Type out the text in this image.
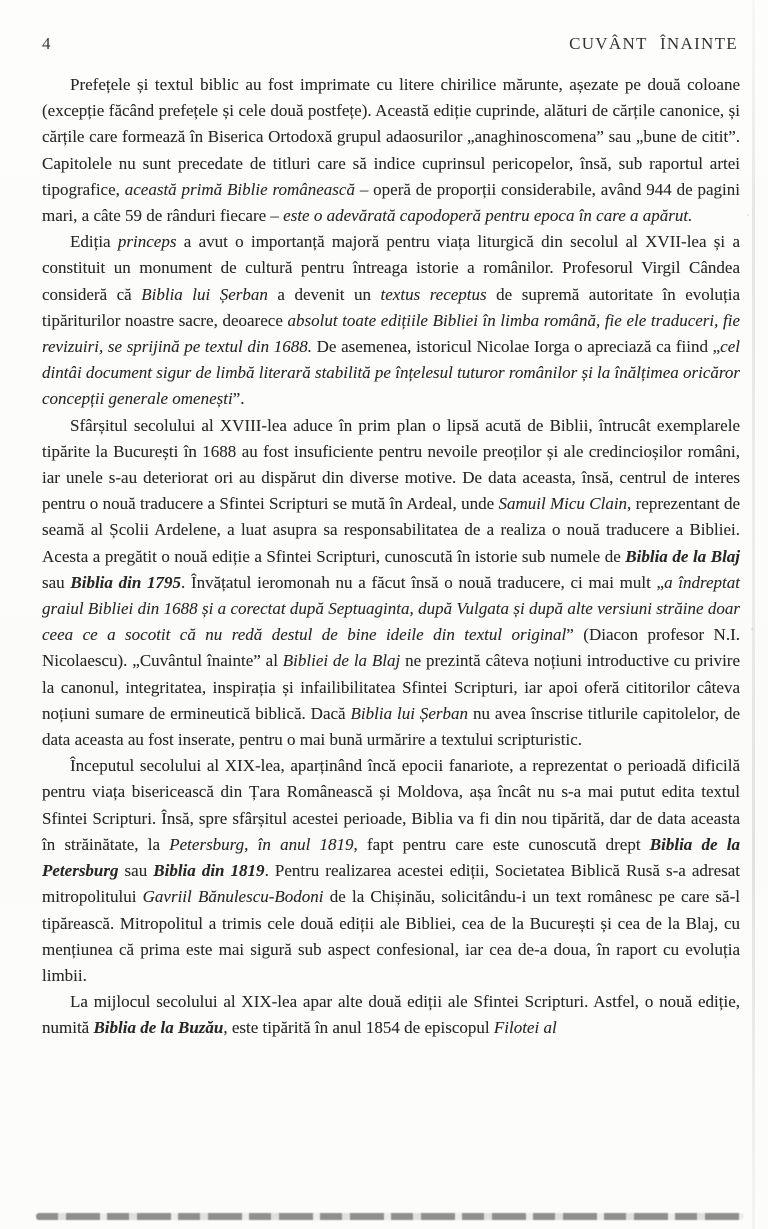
4	CUVÂNT ÎNAINTE

Prefețele și textul biblic au fost imprimate cu litere chirilice mărunte, așezate pe două coloane (excepție făcând prefețele și cele două postfețe). Această ediție cuprinde, alături de cărțile canonice, și cărțile care formează în Biserica Ortodoxă grupul adaosurilor „anaghinoscomena” sau „bune de citit”. Capitolele nu sunt precedate de titluri care să indice cuprinsul pericopelor, însă, sub raportul artei tipografice, această primă Biblie românească – operă de proporții considerabile, având 944 de pagini mari, a câte 59 de rânduri fiecare – este o adevărată capodoperă pentru epoca în care a apărut.

Ediția princeps a avut o importanță majoră pentru viața liturgică din secolul al XVII-lea și a constituit un monument de cultură pentru întreaga istorie a românilor. Profesorul Virgil Cândea consideră că Biblia lui Șerban a devenit un textus receptus de supremă autoritate în evoluția tipăriturilor noastre sacre, deoarece absolut toate edițiile Bibliei în limba română, fie ele traduceri, fie revizuiri, se sprijină pe textul din 1688. De asemenea, istoricul Nicolae Iorga o apreciază ca fiind „cel dintâi document sigur de limbă literară stabilită pe înțelesul tuturor românilor și la înălțimea oricăror concepții generale omenești”.

Sfârșitul secolului al XVIII-lea aduce în prim plan o lipsă acută de Biblii, întrucât exemplarele tipărite la București în 1688 au fost insuficiente pentru nevoile preoților și ale credincioșilor români, iar unele s-au deteriorat ori au dispărut din diverse motive. De data aceasta, însă, centrul de interes pentru o nouă traducere a Sfintei Scripturi se mută în Ardeal, unde Samuil Micu Clain, reprezentant de seamă al Școlii Ardelene, a luat asupra sa responsabilitatea de a realiza o nouă traducere a Bibliei. Acesta a pregătit o nouă ediție a Sfintei Scripturi, cunoscută în istorie sub numele de Biblia de la Blaj sau Biblia din 1795. Învățatul ieromonah nu a făcut însă o nouă traducere, ci mai mult „a îndreptat graiul Bibliei din 1688 și a corectat după Septuaginta, după Vulgata și după alte versiuni străine doar ceea ce a socotit că nu redă destul de bine ideile din textul original” (Diacon profesor N.I. Nicolaescu). „Cuvântul înainte” al Bibliei de la Blaj ne prezintă câteva noțiuni introductive cu privire la canonul, integritatea, inspirația și infailibilitatea Sfintei Scripturi, iar apoi oferă cititorilor câteva noțiuni sumare de ermineutică biblică. Dacă Biblia lui Șerban nu avea înscrise titlurile capitolelor, de data aceasta au fost inserate, pentru o mai bună urmărire a textului scripturistic.

Începutul secolului al XIX-lea, aparținând încă epocii fanariote, a reprezentat o perioadă dificilă pentru viața bisericească din Țara Românească și Moldova, așa încât nu s-a mai putut edita textul Sfintei Scripturi. Însă, spre sfârșitul acestei perioade, Biblia va fi din nou tipărită, dar de data aceasta în străinătate, la Petersburg, în anul 1819, fapt pentru care este cunoscută drept Biblia de la Petersburg sau Biblia din 1819. Pentru realizarea acestei ediții, Societatea Biblică Rusă s-a adresat mitropolitului Gavriil Bănulescu-Bodoni de la Chișinău, solicitându-i un text românesc pe care să-l tipărească. Mitropolitul a trimis cele două ediții ale Bibliei, cea de la București și cea de la Blaj, cu mențiunea că prima este mai sigură sub aspect confesional, iar cea de-a doua, în raport cu evoluția limbii.

La mijlocul secolului al XIX-lea apar alte două ediții ale Sfintei Scripturi. Astfel, o nouă ediție, numită Biblia de la Buzău, este tipărită în anul 1854 de episcopul Filotei al
